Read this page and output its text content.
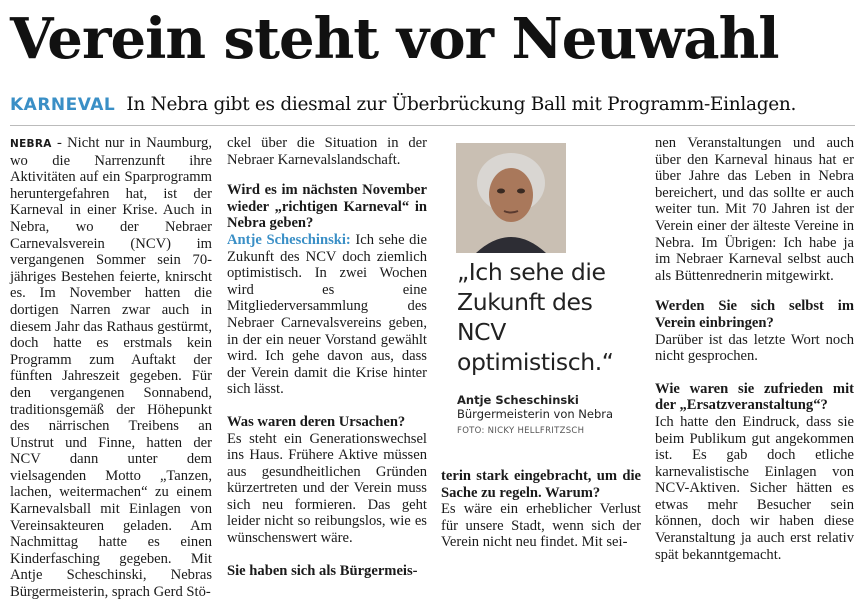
Verein steht vor Neuwahl
KARNEVAL In Nebra gibt es diesmal zur Überbrückung Ball mit Programm-Einlagen.

NEBRA - Nicht nur in Naumburg, wo die Narrenzunft ihre Aktivitäten auf ein Sparprogramm heruntergefahren hat, ist der Karneval in einer Krise. Auch in Nebra, wo der Nebraer Carnevalsverein (NCV) im vergangenen Sommer sein 70-jähriges Bestehen feierte, knirscht es. Im November hatten die dortigen Narren zwar auch in diesem Jahr das Rathaus gestürmt, doch hatte es erstmals kein Programm zum Auftakt der fünften Jahreszeit gegeben. Für den vergangenen Sonnabend, traditionsgemäß der Höhepunkt des närrischen Treibens an Unstrut und Finne, hatten der NCV dann unter dem vielsagenden Motto „Tanzen, lachen, weitermachen“ zu einem Karnevalsball mit Einlagen von Vereinsakteuren geladen. Am Nachmittag hatte es einen Kinderfasching gegeben. Mit Antje Scheschinski, Nebras Bürgermeisterin, sprach Gerd Stö-

ckel über die Situation in der Nebraer Karnevalslandschaft.

Wird es im nächsten November wieder „richtigen Karneval“ in Nebra geben?

Antje Scheschinski: Ich sehe die Zukunft des NCV doch ziemlich optimistisch. In zwei Wochen wird es eine Mitgliederversammlung des Nebraer Carnevalsvereins geben, in der ein neuer Vorstand gewählt wird. Ich gehe davon aus, dass der Verein damit die Krise hinter sich lässt.

Was waren deren Ursachen?

Es steht ein Generationswechsel ins Haus. Frühere Aktive müssen aus gesundheitlichen Gründen kürzertreten und der Verein muss sich neu formieren. Das geht leider nicht so reibungslos, wie es wünschenswert wäre.

Sie haben sich als Bürgermeis-

„Ich sehe die Zukunft des NCV optimistisch.“
Antje Scheschinski
Bürgermeisterin von Nebra
FOTO: NICKY HELLFRITZSCH

terin stark eingebracht, um die Sache zu regeln. Warum?

Es wäre ein erheblicher Verlust für unsere Stadt, wenn sich der Verein nicht neu findet. Mit sei-

nen Veranstaltungen und auch über den Karneval hinaus hat er über Jahre das Leben in Nebra bereichert, und das sollte er auch weiter tun. Mit 70 Jahren ist der Verein einer der älteste Vereine in Nebra. Im Übrigen: Ich habe ja im Nebraer Karneval selbst auch als Büttenrednerin mitgewirkt.

Werden Sie sich selbst im Verein einbringen?

Darüber ist das letzte Wort noch nicht gesprochen.

Wie waren sie zufrieden mit der „Ersatzveranstaltung“?

Ich hatte den Eindruck, dass sie beim Publikum gut angekommen ist. Es gab doch etliche karnevalistische Einlagen von NCV-Aktiven. Sicher hätten es etwas mehr Besucher sein können, doch wir haben diese Veranstaltung ja auch erst relativ spät bekanntgemacht.
